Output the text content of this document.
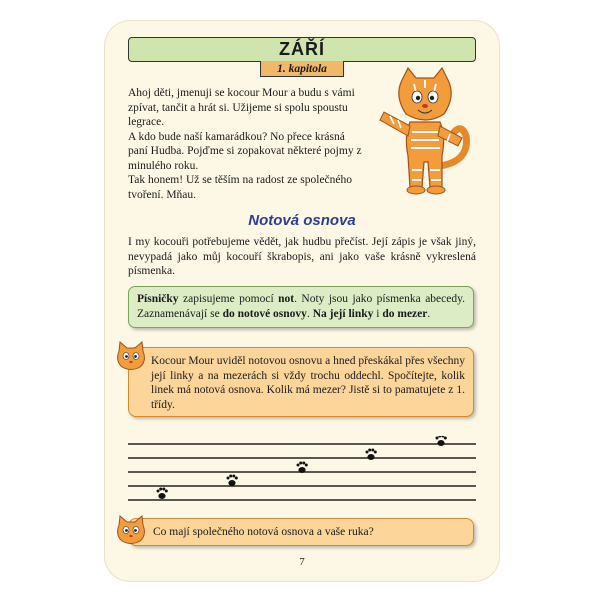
ZÁŘÍ
1. kapitola

Ahoj děti, jmenuji se kocour Mour a budu s vámi zpívat, tančit a hrát si. Užijeme si spolu spoustu legrace.

A kdo bude naší kamarádkou? No přece krásná paní Hudba. Pojďme si zopakovat některé pojmy z minulého roku.

Tak honem! Už se těším na radost ze společného tvoření. Mňau.

Notová osnova
I my kocouři potřebujeme vědět, jak hudbu přečíst. Její zápis je však jiný, nevypadá jako můj kocouří škrabopis, ani jako vaše krásně vykreslená písmenka.
Písničky zapisujeme pomocí not. Noty jsou jako písmenka abecedy. Zaznamenávají se do notové osnovy. Na její linky i do mezer.
Kocour Mour uviděl notovou osnovu a hned přeskákal přes všechny její linky a na mezerách si vždy trochu oddechl. Spočítejte, kolik linek má notová osnova. Kolik má mezer? Jistě si to pamatujete z 1. třídy.
Co mají společného notová osnova a vaše ruka?
7
